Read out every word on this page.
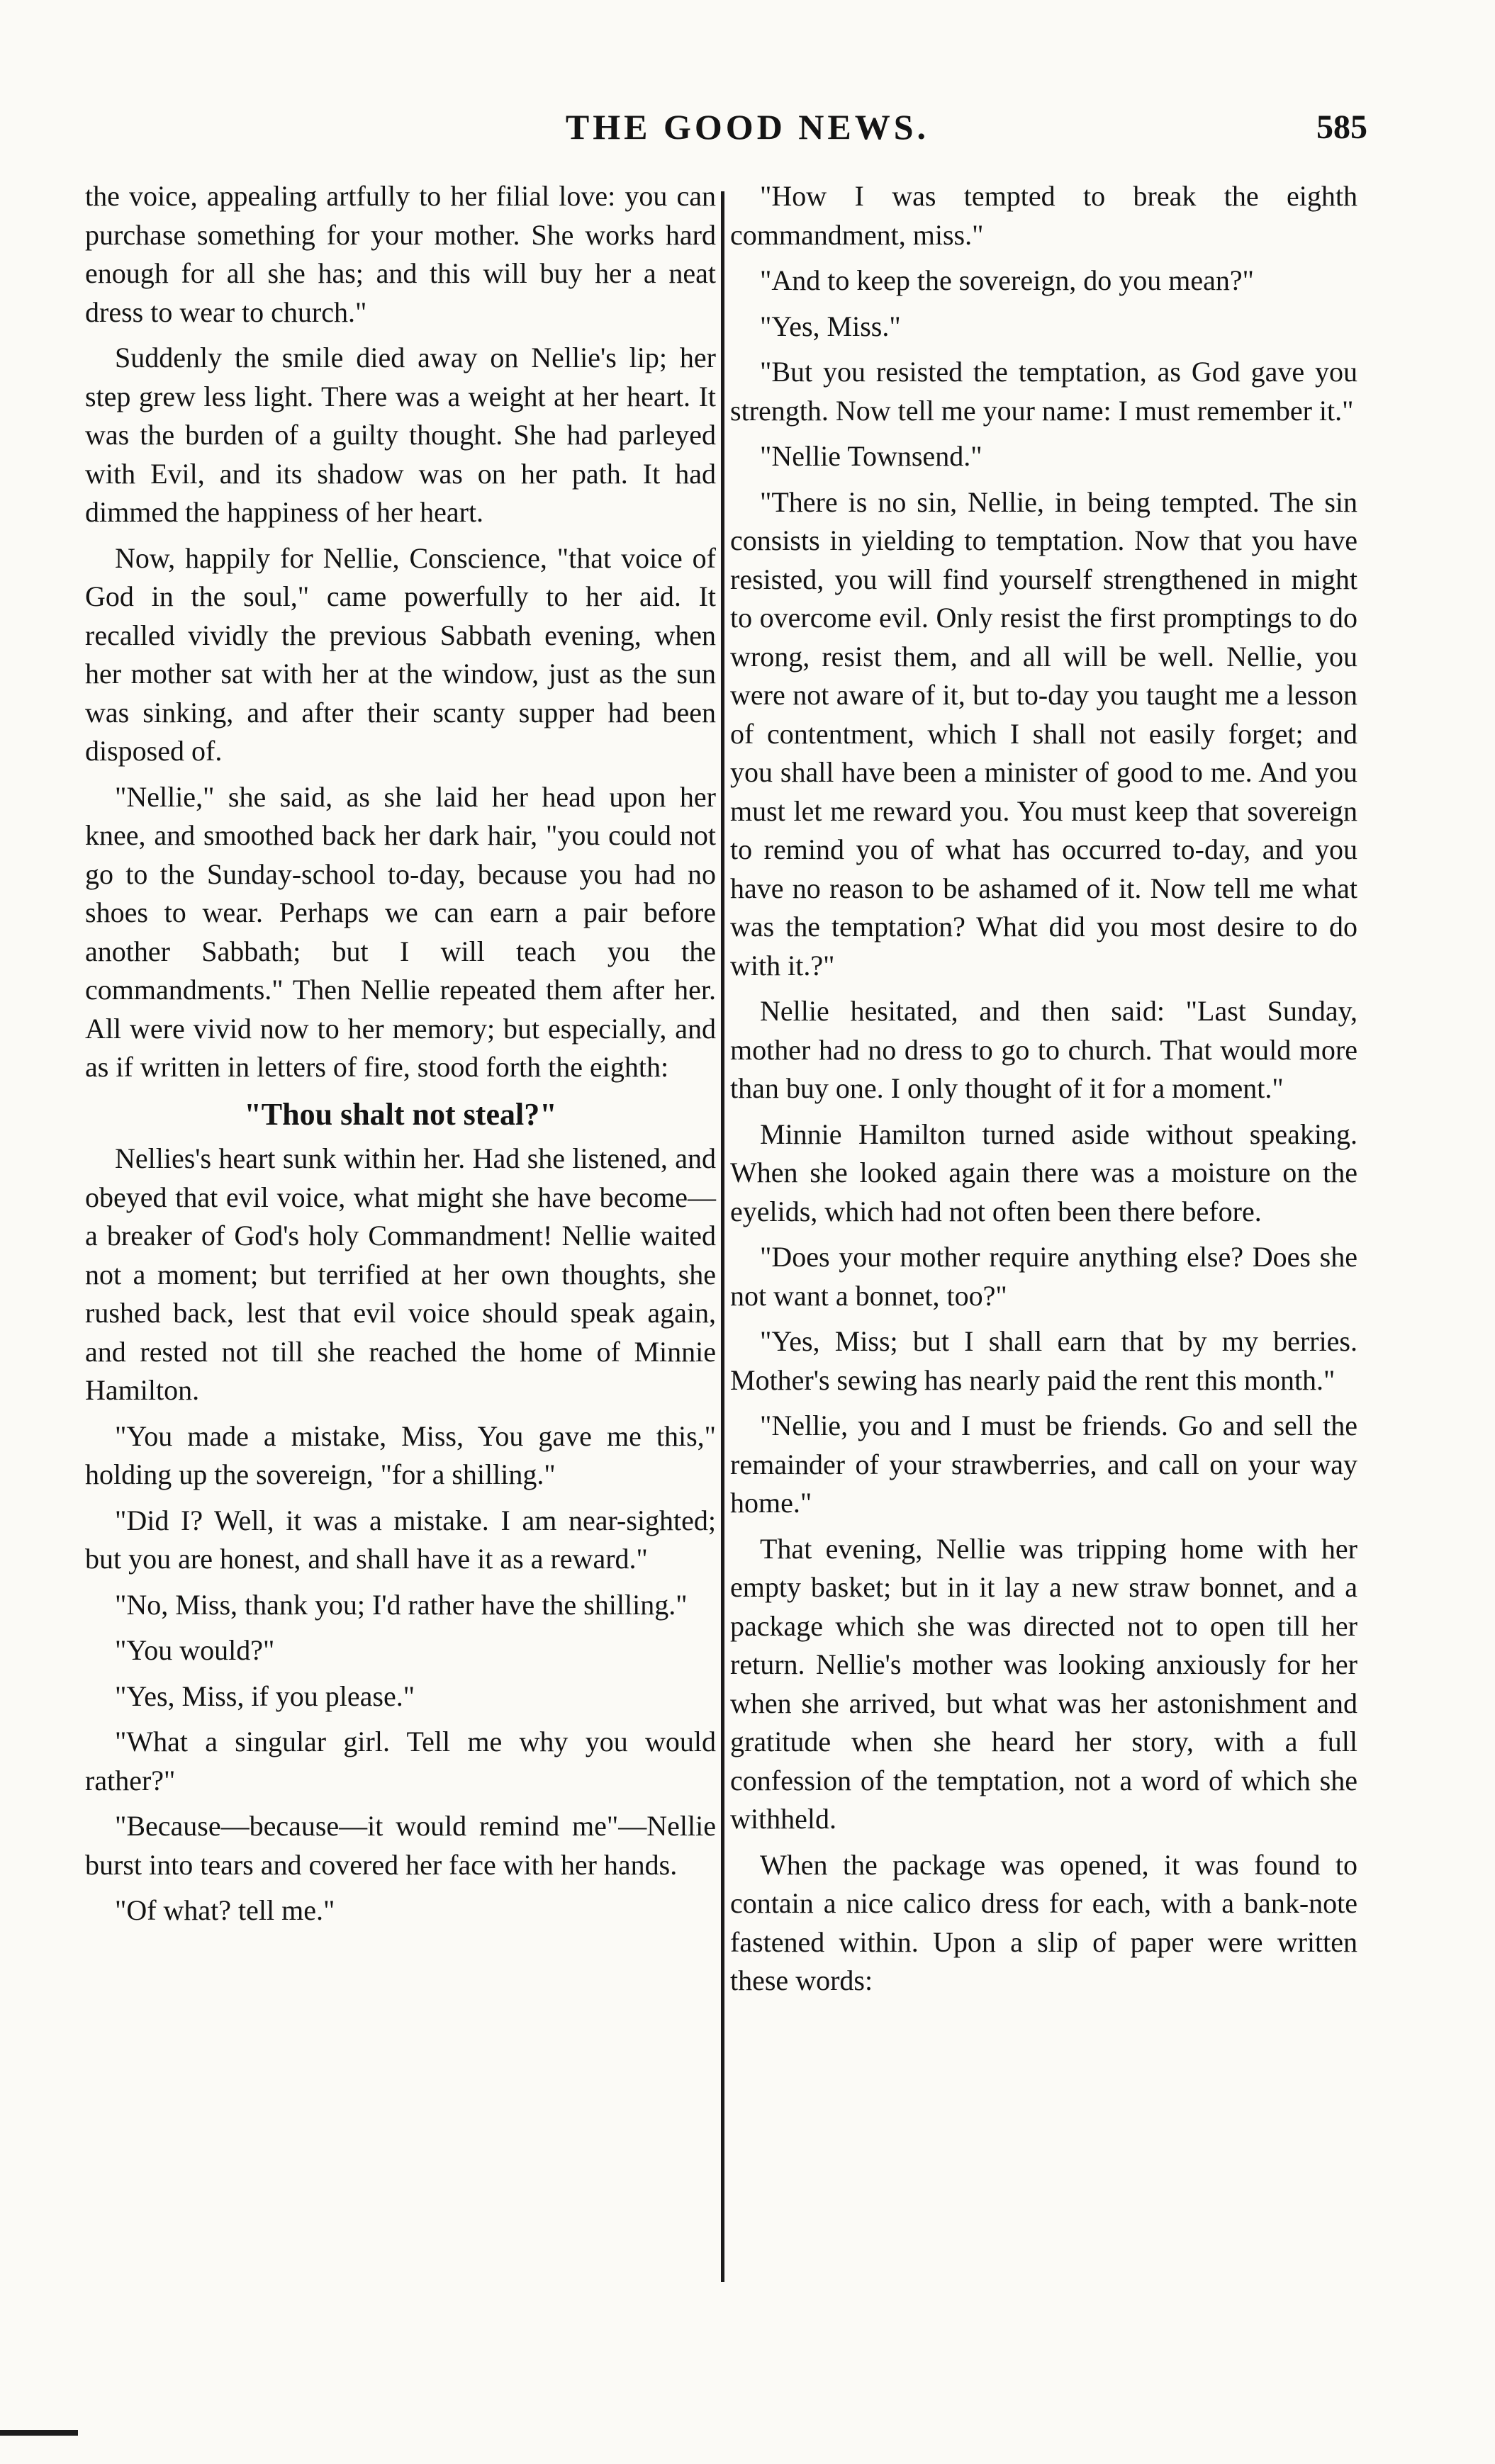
THE GOOD NEWS.	585

the voice, appealing artfully to her filial love: you can purchase something for your mother. She works hard enough for all she has; and this will buy her a neat dress to wear to church."

Suddenly the smile died away on Nellie's lip; her step grew less light. There was a weight at her heart. It was the burden of a guilty thought. She had parleyed with Evil, and its shadow was on her path. It had dimmed the happiness of her heart.

Now, happily for Nellie, Conscience, "that voice of God in the soul," came powerfully to her aid. It recalled vividly the previous Sabbath evening, when her mother sat with her at the window, just as the sun was sinking, and after their scanty supper had been disposed of.

"Nellie," she said, as she laid her head upon her knee, and smoothed back her dark hair, "you could not go to the Sunday-school to-day, because you had no shoes to wear. Perhaps we can earn a pair before another Sabbath; but I will teach you the commandments." Then Nellie repeated them after her. All were vivid now to her memory; but especially, and as if written in letters of fire, stood forth the eighth:

"Thou shalt not steal?"

Nellies's heart sunk within her. Had she listened, and obeyed that evil voice, what might she have become—a breaker of God's holy Commandment! Nellie waited not a moment; but terrified at her own thoughts, she rushed back, lest that evil voice should speak again, and rested not till she reached the home of Minnie Hamilton.

"You made a mistake, Miss, You gave me this," holding up the sovereign, "for a shilling."

"Did I? Well, it was a mistake. I am near-sighted; but you are honest, and shall have it as a reward."

"No, Miss, thank you; I'd rather have the shilling."

"You would?"

"Yes, Miss, if you please."

"What a singular girl. Tell me why you would rather?"

"Because—because—it would remind me"—Nellie burst into tears and covered her face with her hands.

"Of what? tell me."

"How I was tempted to break the eighth commandment, miss."

"And to keep the sovereign, do you mean?"

"Yes, Miss."

"But you resisted the temptation, as God gave you strength. Now tell me your name: I must remember it."

"Nellie Townsend."

"There is no sin, Nellie, in being tempted. The sin consists in yielding to temptation. Now that you have resisted, you will find yourself strengthened in might to overcome evil. Only resist the first promptings to do wrong, resist them, and all will be well. Nellie, you were not aware of it, but to-day you taught me a lesson of contentment, which I shall not easily forget; and you shall have been a minister of good to me. And you must let me reward you. You must keep that sovereign to remind you of what has occurred to-day, and you have no reason to be ashamed of it. Now tell me what was the temptation? What did you most desire to do with it.?"

Nellie hesitated, and then said: "Last Sunday, mother had no dress to go to church. That would more than buy one. I only thought of it for a moment."

Minnie Hamilton turned aside without speaking. When she looked again there was a moisture on the eyelids, which had not often been there before.

"Does your mother require anything else? Does she not want a bonnet, too?"

"Yes, Miss; but I shall earn that by my berries. Mother's sewing has nearly paid the rent this month."

"Nellie, you and I must be friends. Go and sell the remainder of your strawberries, and call on your way home."

That evening, Nellie was tripping home with her empty basket; but in it lay a new straw bonnet, and a package which she was directed not to open till her return. Nellie's mother was looking anxiously for her when she arrived, but what was her astonishment and gratitude when she heard her story, with a full confession of the temptation, not a word of which she withheld.

When the package was opened, it was found to contain a nice calico dress for each, with a bank-note fastened within. Upon a slip of paper were written these words:
